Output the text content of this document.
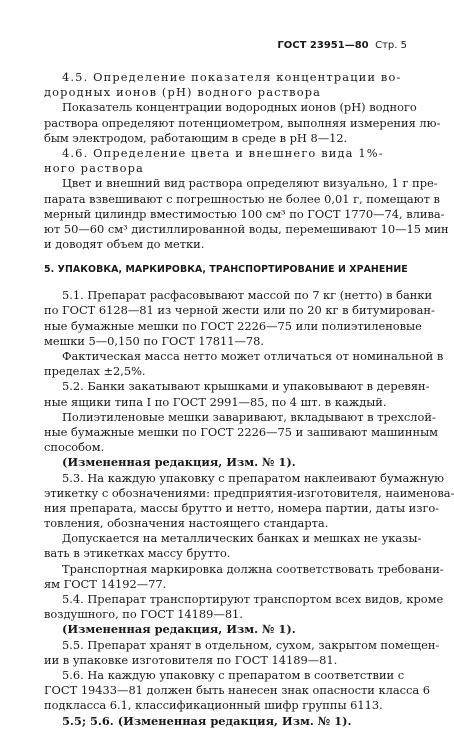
ГОСТ 23951—80 Стр. 5
4.5. Определение показателя концентрации во-
дородных ионов (рН) водного раствора
Показатель концентрации водородных ионов (рН) водного
раствора определяют потенциометром, выполняя измерения лю-
бым электродом, работающим в среде в рН 8—12.
4.6. Определение цвета и внешнего вида 1%-
ного раствора
Цвет и внешний вид раствора определяют визуально, 1 г пре-
парата взвешивают с погрешностью не более 0,01 г, помещают в
мерный цилиндр вместимостью 100 см³ по ГОСТ 1770—74, влива-
ют 50—60 см³ дистиллированной воды, перемешивают 10—15 мин
и доводят объем до метки.
5. УПАКОВКА, МАРКИРОВКА, ТРАНСПОРТИРОВАНИЕ И ХРАНЕНИЕ
5.1. Препарат расфасовывают массой по 7 кг (нетто) в банки
по ГОСТ 6128—81 из черной жести или по 20 кг в битумирован-
ные бумажные мешки по ГОСТ 2226—75 или полиэтиленовые
мешки 5—0,150 по ГОСТ 17811—78.
Фактическая масса нетто может отличаться от номинальной в
пределах ±2,5%.
5.2. Банки закатывают крышками и упаковывают в деревян-
ные ящики типа I по ГОСТ 2991—85, по 4 шт. в каждый.
Полиэтиленовые мешки заваривают, вкладывают в трехслой-
ные бумажные мешки по ГОСТ 2226—75 и зашивают машинным
способом.
(Измененная редакция, Изм. № 1).
5.3. На каждую упаковку с препаратом наклеивают бумажную
этикетку с обозначениями: предприятия-изготовителя, наименова-
ния препарата, массы брутто и нетто, номера партии, даты изго-
товления, обозначения настоящего стандарта.
Допускается на металлических банках и мешках не указы-
вать в этикетках массу брутто.
Транспортная маркировка должна соответствовать требовани-
ям ГОСТ 14192—77.
5.4. Препарат транспортируют транспортом всех видов, кроме
воздушного, по ГОСТ 14189—81.
(Измененная редакция, Изм. № 1).
5.5. Препарат хранят в отдельном, сухом, закрытом помещен-
ии в упаковке изготовителя по ГОСТ 14189—81.
5.6. На каждую упаковку с препаратом в соответствии с
ГОСТ 19433—81 должен быть нанесен знак опасности класса 6
подкласса 6.1, классификационный шифр группы 6113.
5.5; 5.6. (Измененная редакция, Изм. № 1).
